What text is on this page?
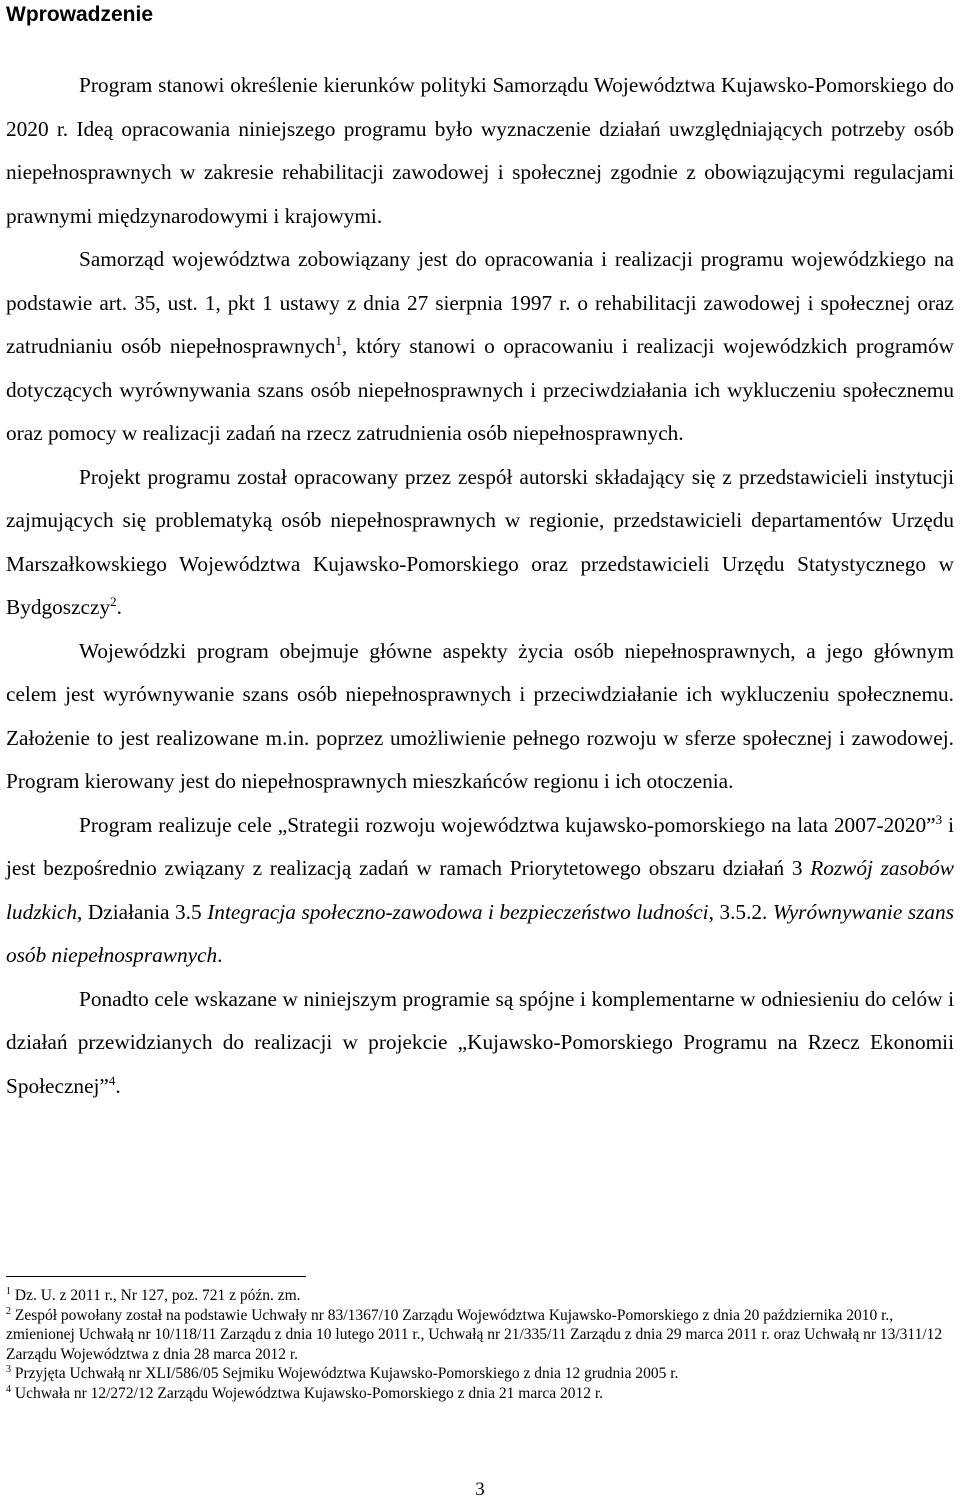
Wprowadzenie

Program stanowi określenie kierunków polityki Samorządu Województwa Kujawsko-Pomorskiego do 2020 r. Ideą opracowania niniejszego programu było wyznaczenie działań uwzględniających potrzeby osób niepełnosprawnych w zakresie rehabilitacji zawodowej i społecznej zgodnie z obowiązującymi regulacjami prawnymi międzynarodowymi i krajowymi.

Samorząd województwa zobowiązany jest do opracowania i realizacji programu wojewódzkiego na podstawie art. 35, ust. 1, pkt 1 ustawy z dnia 27 sierpnia 1997 r. o rehabilitacji zawodowej i społecznej oraz zatrudnianiu osób niepełnosprawnych$^1$, który stanowi o opracowaniu i realizacji wojewódzkich programów dotyczących wyrównywania szans osób niepełnosprawnych i przeciwdziałania ich wykluczeniu społecznemu oraz pomocy w realizacji zadań na rzecz zatrudnienia osób niepełnosprawnych.

Projekt programu został opracowany przez zespół autorski składający się z przedstawicieli instytucji zajmujących się problematyką osób niepełnosprawnych w regionie, przedstawicieli departamentów Urzędu Marszałkowskiego Województwa Kujawsko-Pomorskiego oraz przedstawicieli Urzędu Statystycznego w Bydgoszczy$^2$.

Wojewódzki program obejmuje główne aspekty życia osób niepełnosprawnych, a jego głównym celem jest wyrównywanie szans osób niepełnosprawnych i przeciwdziałanie ich wykluczeniu społecznemu. Założenie to jest realizowane m.in. poprzez umożliwienie pełnego rozwoju w sferze społecznej i zawodowej. Program kierowany jest do niepełnosprawnych mieszkańców regionu i ich otoczenia.

Program realizuje cele „Strategii rozwoju województwa kujawsko-pomorskiego na lata 2007-2020”$^3$ i jest bezpośrednio związany z realizacją zadań w ramach Priorytetowego obszaru działań 3 Rozwój zasobów ludzkich, Działania 3.5 Integracja społeczno-zawodowa i bezpieczeństwo ludności, 3.5.2. Wyrównywanie szans osób niepełnosprawnych.

Ponadto cele wskazane w niniejszym programie są spójne i komplementarne w odniesieniu do celów i działań przewidzianych do realizacji w projekcie „Kujawsko-Pomorskiego Programu na Rzecz Ekonomii Społecznej”$^4$.

$^1$ Dz. U. z 2011 r., Nr 127, poz. 721 z późn. zm.

$^2$ Zespół powołany został na podstawie Uchwały nr 83/1367/10 Zarządu Województwa Kujawsko-Pomorskiego z dnia 20 października 2010 r., zmienionej Uchwałą nr 10/118/11 Zarządu z dnia 10 lutego 2011 r., Uchwałą nr 21/335/11 Zarządu z dnia 29 marca 2011 r. oraz Uchwałą nr 13/311/12 Zarządu Województwa z dnia 28 marca 2012 r.

$^3$ Przyjęta Uchwałą nr XLI/586/05 Sejmiku Województwa Kujawsko-Pomorskiego z dnia 12 grudnia 2005 r.

$^4$ Uchwała nr 12/272/12 Zarządu Województwa Kujawsko-Pomorskiego z dnia 21 marca 2012 r.

3
